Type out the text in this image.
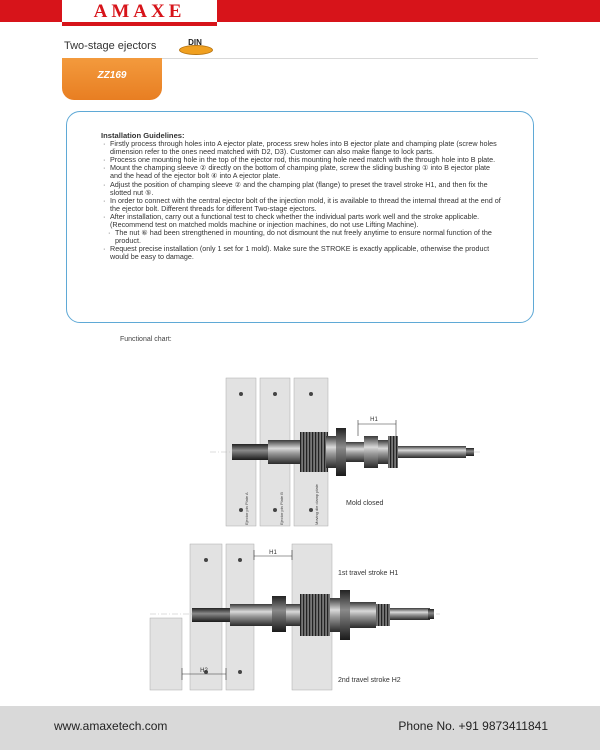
AMAXE
Two-stage ejectors	DIN
ZZ169
Installation Guidelines:
· Firstly process through holes into A ejector plate, process srew holes into B ejector plate and champing plate (screw holes dimension refer to the ones need matched with D2, D3). Customer can also make flange to lock parts.
· Process one mounting hole in the top of the ejector rod, this mounting hole need match with the through hole into B plate.
· Mount the champing sleeve ② directly on the bottom of champing plate, screw the sliding bushing ① into B ejector plate and the head of the ejector bolt ④ into A ejector plate.
· Adjust the position of champing sleeve ② and the champing plat (flange) to preset the travel stroke H1, and then fix the slotted nut ⑤.
· In order to connect with the central ejector bolt of the injection mold, it is available to thread the internal thread at the end of the ejector bolt. Different threads for different Two-stage ejectors.
· After installation, carry out a functional test to check whether the individual parts work well and the stroke applicable. (Recommend test on matched molds machine or injection machines, do not use Lifting Machine).
· The nut ⑥ had been strengthened in mounting, do not dismount the nut freely anytime to ensure normal function of the product.
· Request precise installation (only 1 set for 1 mold). Make sure the STROKE is exactly applicable, otherwise the product would be easy to damage.
Functional chart:
H1
Ejector pin Plate A	Ejector pin Plate B	Moving die clamp plate	Mold closed
H1
H2
1st travel stroke H1
2nd travel stroke H2
www.amaxetech.com	Phone No. +91 9873411841
